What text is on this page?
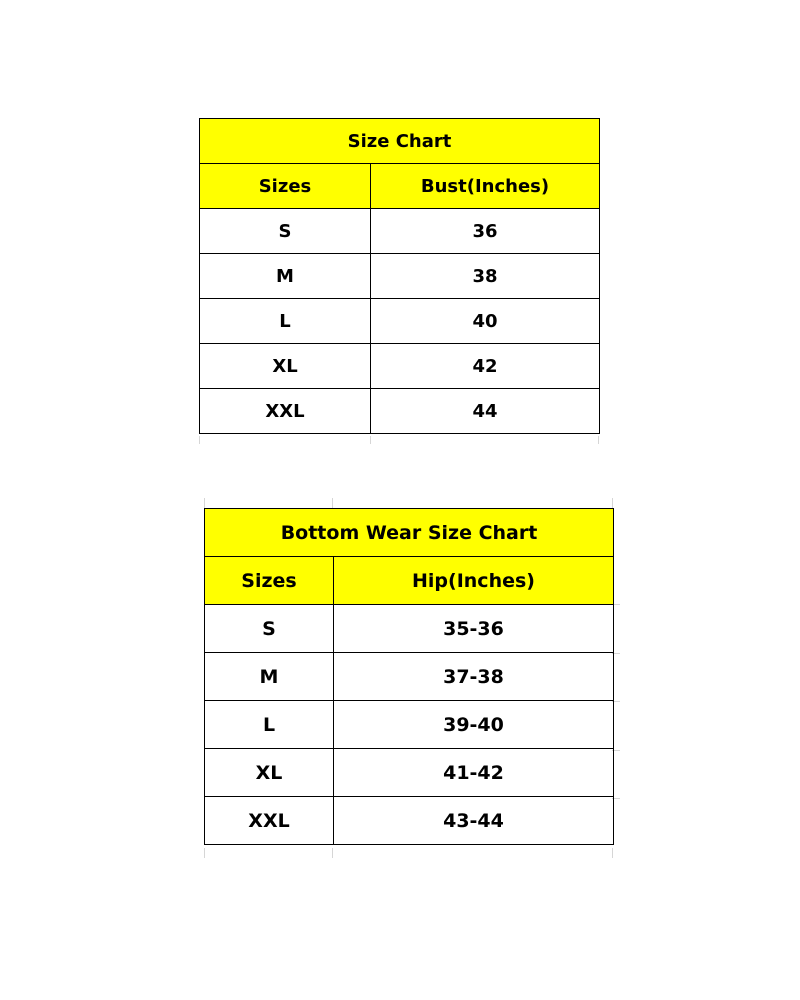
Size Chart	
Sizes	Bust(Inches)
S	36
M	38
L	40
XL	42
XXL	44
Bottom Wear Size Chart	
Sizes	Hip(Inches)
S	35-36
M	37-38
L	39-40
XL	41-42
XXL	43-44
